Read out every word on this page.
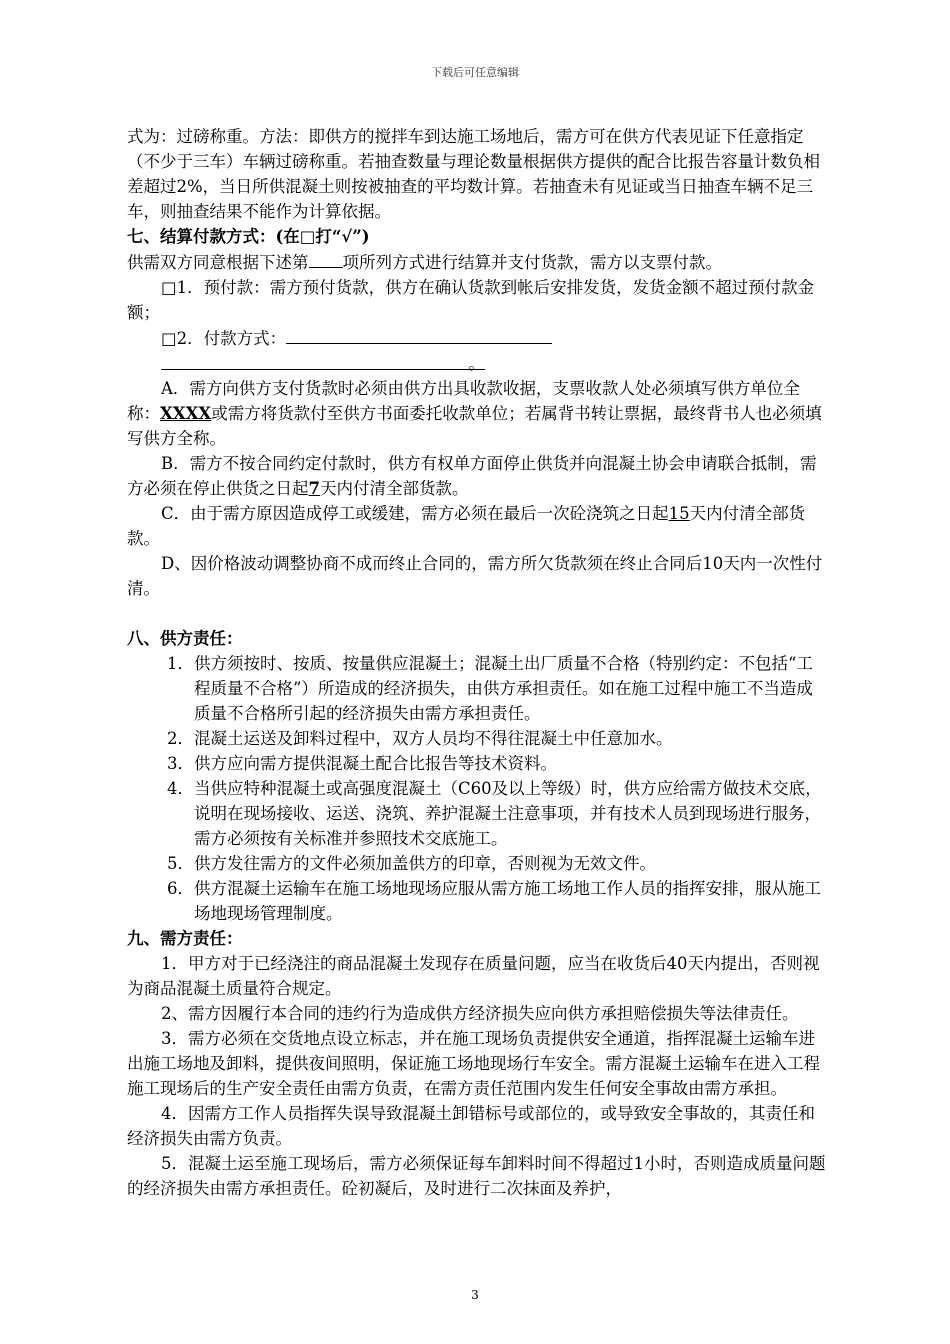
下载后可任意编辑

式为：过磅称重。方法：即供方的搅拌车到达施工场地后，需方可在供方代表见证下任意指定（不少于三车）车辆过磅称重。若抽查数量与理论数量根据供方提供的配合比报告容量计数负相差超过2%，当日所供混凝土则按被抽查的平均数计算。若抽查未有见证或当日抽查车辆不足三车，则抽查结果不能作为计算依据。

七、结算付款方式：(在□打“√”)

供需双方同意根据下述第 项所列方式进行结算并支付货款，需方以支票付款。

□1．预付款：需方预付货款，供方在确认货款到帐后安排发货，发货金额不超过预付款金额；

□2．付款方式：

。

A．需方向供方支付货款时必须由供方出具收款收据，支票收款人处必须填写供方单位全称：XXXX或需方将货款付至供方书面委托收款单位；若属背书转让票据，最终背书人也必须填写供方全称。

B．需方不按合同约定付款时，供方有权单方面停止供货并向混凝土协会申请联合抵制，需方必须在停止供货之日起7天内付清全部货款。

C．由于需方原因造成停工或缓建，需方必须在最后一次砼浇筑之日起15天内付清全部货款。

D、因价格波动调整协商不成而终止合同的，需方所欠货款须在终止合同后10天内一次性付清。

八、供方责任：

1． 供方须按时、按质、按量供应混凝土；混凝土出厂质量不合格（特别约定：不包括“工程质量不合格”）所造成的经济损失，由供方承担责任。如在施工过程中施工不当造成质量不合格所引起的经济损失由需方承担责任。
2． 混凝土运送及卸料过程中，双方人员均不得往混凝土中任意加水。
3． 供方应向需方提供混凝土配合比报告等技术资料。
4． 当供应特种混凝土或高强度混凝土（C60及以上等级）时，供方应给需方做技术交底，说明在现场接收、运送、浇筑、养护混凝土注意事项，并有技术人员到现场进行服务，需方必须按有关标准并参照技术交底施工。
5． 供方发往需方的文件必须加盖供方的印章，否则视为无效文件。
6． 供方混凝土运输车在施工场地现场应服从需方施工场地工作人员的指挥安排，服从施工场地现场管理制度。

九、需方责任：

1．甲方对于已经浇注的商品混凝土发现存在质量问题，应当在收货后40天内提出，否则视为商品混凝土质量符合规定。

2、需方因履行本合同的违约行为造成供方经济损失应向供方承担赔偿损失等法律责任。

3．需方必须在交货地点设立标志，并在施工现场负责提供安全通道，指挥混凝土运输车进出施工场地及卸料，提供夜间照明，保证施工场地现场行车安全。需方混凝土运输车在进入工程施工现场后的生产安全责任由需方负责，在需方责任范围内发生任何安全事故由需方承担。

4．因需方工作人员指挥失误导致混凝土卸错标号或部位的，或导致安全事故的，其责任和经济损失由需方负责。

5．混凝土运至施工现场后，需方必须保证每车卸料时间不得超过1小时，否则造成质量问题的经济损失由需方承担责任。砼初凝后，及时进行二次抹面及养护，

3
